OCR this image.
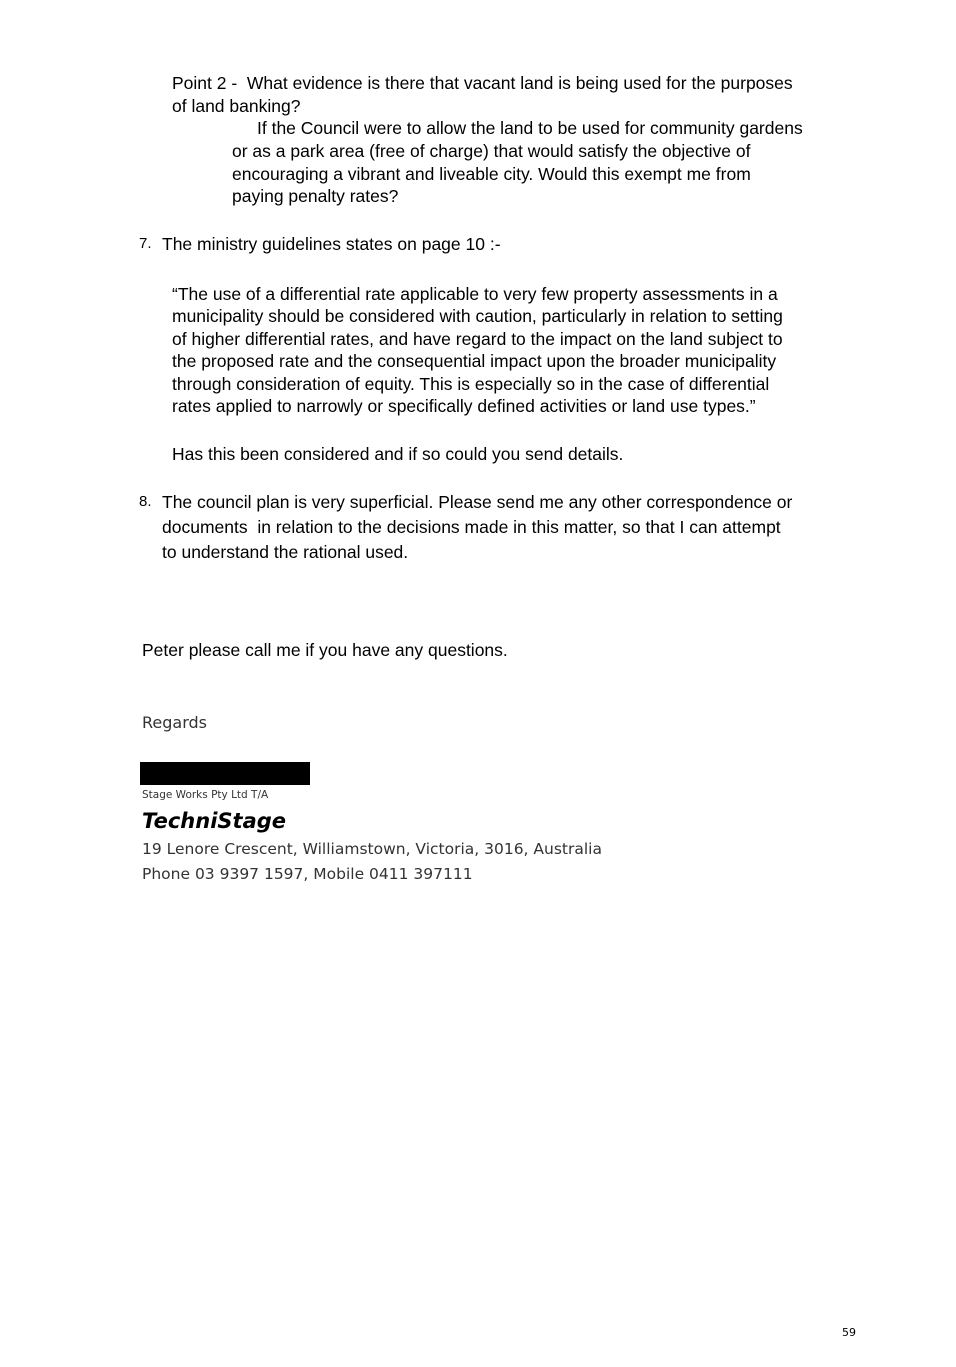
Point 2 -  What evidence is there that vacant land is being used for the purposes
of land banking?
If the Council were to allow the land to be used for community gardens
or as a park area (free of charge) that would satisfy the objective of
encouraging a vibrant and liveable city. Would this exempt me from
paying penalty rates?
7. The ministry guidelines states on page 10 :-
“The use of a differential rate applicable to very few property assessments in a
municipality should be considered with caution, particularly in relation to setting
of higher differential rates, and have regard to the impact on the land subject to
the proposed rate and the consequential impact upon the broader municipality
through consideration of equity. This is especially so in the case of differential
rates applied to narrowly or specifically defined activities or land use types.”
Has this been considered and if so could you send details.
8. The council plan is very superficial. Please send me any other correspondence or
documents  in relation to the decisions made in this matter, so that I can attempt
to understand the rational used.
Peter please call me if you have any questions.
Regards
Stage Works Pty Ltd T/A
TechniStage
19 Lenore Crescent, Williamstown, Victoria, 3016, Australia
Phone 03 9397 1597, Mobile 0411 397111
59
